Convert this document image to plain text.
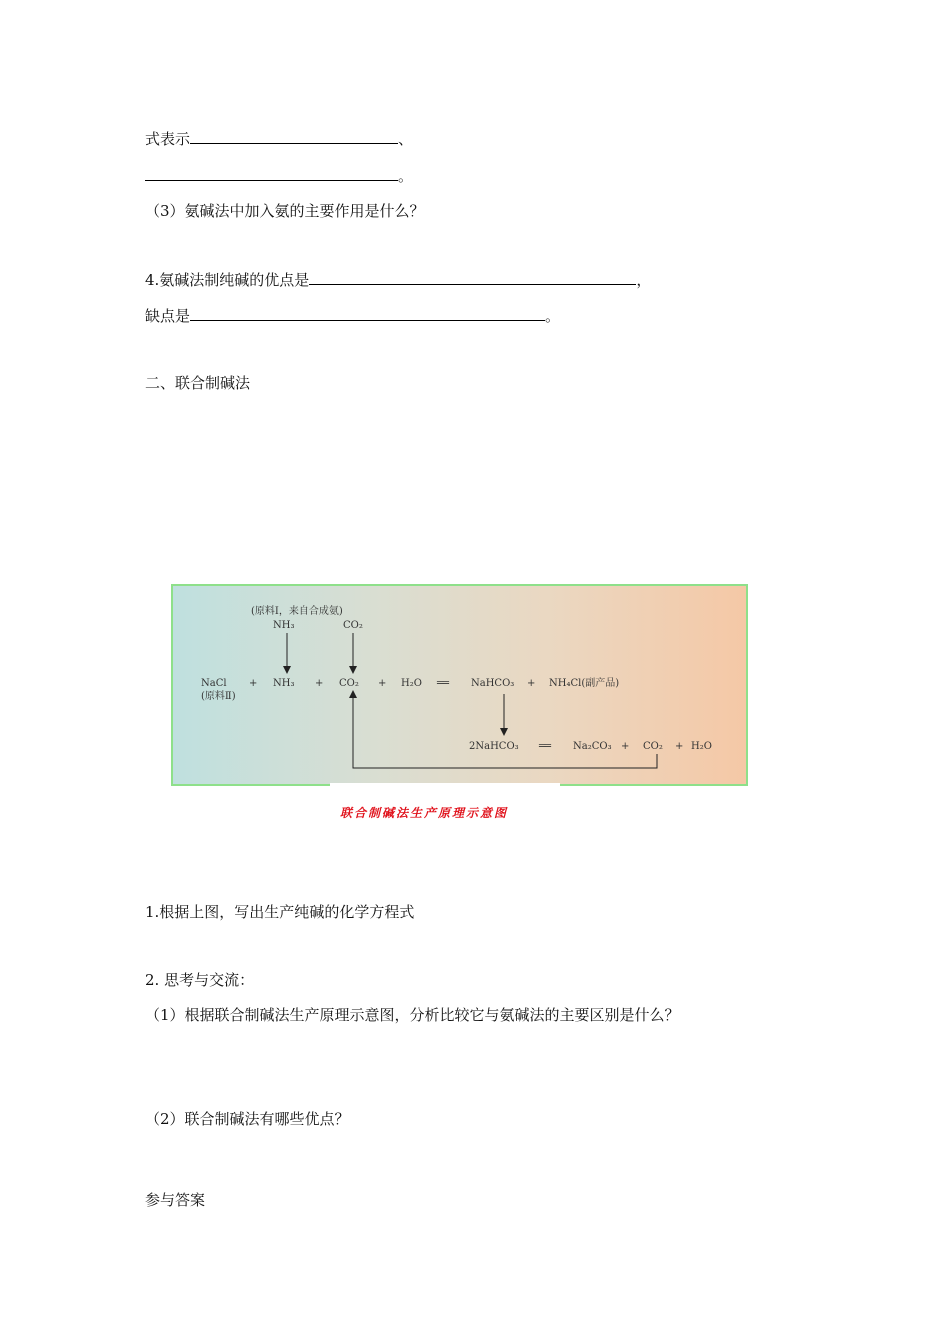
式表示	、
。
（3）氨碱法中加入氨的主要作用是什么？
4.氨碱法制纯碱的优点是	，
缺点是	。
二、联合制碱法
(原料Ⅰ，来自合成氨)
NH₃	CO₂
NaCl
(原料Ⅱ)
+ NH₃ + CO₂ + H₂O ══ NaHCO₃ + NH₄Cl(副产品)
2NaHCO₃ ══ Na₂CO₃ + CO₂ + H₂O
联合制碱法生产原理示意图
1.根据上图，写出生产纯碱的化学方程式
2. 思考与交流：
（1）根据联合制碱法生产原理示意图，分析比较它与氨碱法的主要区别是什么？
（2）联合制碱法有哪些优点？
参与答案
